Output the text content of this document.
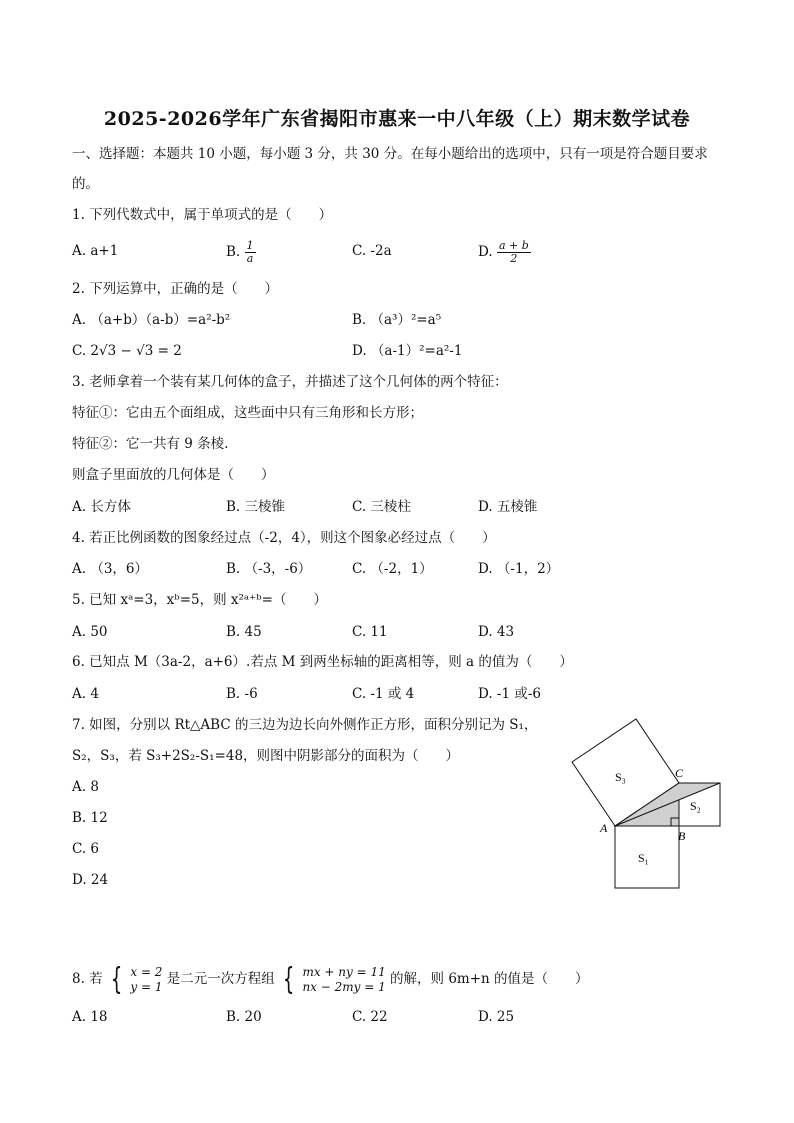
2025-2026学年广东省揭阳市惠来一中八年级（上）期末数学试卷
一、选择题：本题共 10 小题，每小题 3 分，共 30 分。在每小题给出的选项中，只有一项是符合题目要求
的。
1. 下列代数式中，属于单项式的是（　　）
A. a+1	B. $\frac{1}{a}$	C. -2a	D. $\frac{a + b}{2}$
2. 下列运算中，正确的是（　　）
A. （a+b）（a-b）=a²-b²	B. （a³）²=a⁵
C. 2√3 − √3 = 2	D. （a-1）²=a²-1
3. 老师拿着一个装有某几何体的盒子，并描述了这个几何体的两个特征：
特征①：它由五个面组成，这些面中只有三角形和长方形；
特征②：它一共有 9 条棱.
则盒子里面放的几何体是（　　）
A. 长方体	B. 三棱锥	C. 三棱柱	D. 五棱锥
4. 若正比例函数的图象经过点（-2，4），则这个图象必经过点（　　）
A. （3，6）	B. （-3，-6）	C. （-2，1）	D. （-1，2）
5. 已知 xᵃ=3，xᵇ=5，则 x²ᵃ⁺ᵇ=（　　）
A. 50	B. 45	C. 11	D. 43
6. 已知点 M（3a-2，a+6）.若点 M 到两坐标轴的距离相等，则 a 的值为（　　）
A. 4	B. -6	C. -1 或 4	D. -1 或-6
7. 如图，分别以 Rt△ABC 的三边为边长向外侧作正方形，面积分别记为 S₁，
S₂，S₃，若 S₃+2S₂-S₁=48，则图中阴影部分的面积为（　　）
A. 8
B. 12
C. 6
D. 24
S₃
S₂
S₁
A
B
C
8. 若 { x = 2
y = 1 是二元一次方程组 { mx + ny = 11
nx − 2my = 1 的解，则 6m+n 的值是（　　）
A. 18	B. 20	C. 22	D. 25
